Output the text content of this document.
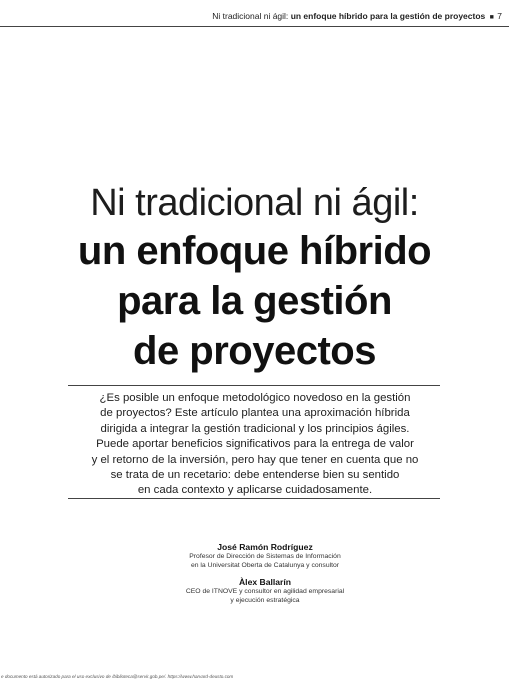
Ni tradicional ni ágil: un enfoque híbrido para la gestión de proyectos ■ 7
Ni tradicional ni ágil:
un enfoque híbrido
para la gestión
de proyectos

¿Es posible un enfoque metodológico novedoso en la gestión
de proyectos? Este artículo plantea una aproximación híbrida
dirigida a integrar la gestión tradicional y los principios ágiles.
Puede aportar beneficios significativos para la entrega de valor
y el retorno de la inversión, pero hay que tener en cuenta que no
se trata de un recetario: debe entenderse bien su sentido
en cada contexto y aplicarse cuidadosamente.

José Ramón Rodríguez

Profesor de Dirección de Sistemas de Información
en la Universitat Oberta de Catalunya y consultor

Àlex Ballarín

CEO de ITNOVE y consultor en agilidad empresarial
y ejecución estratégica

e documento está autorizado para el uso exclusivo de /biblioteca@servir.gob.pe/. https://www.harvard-deusto.com
